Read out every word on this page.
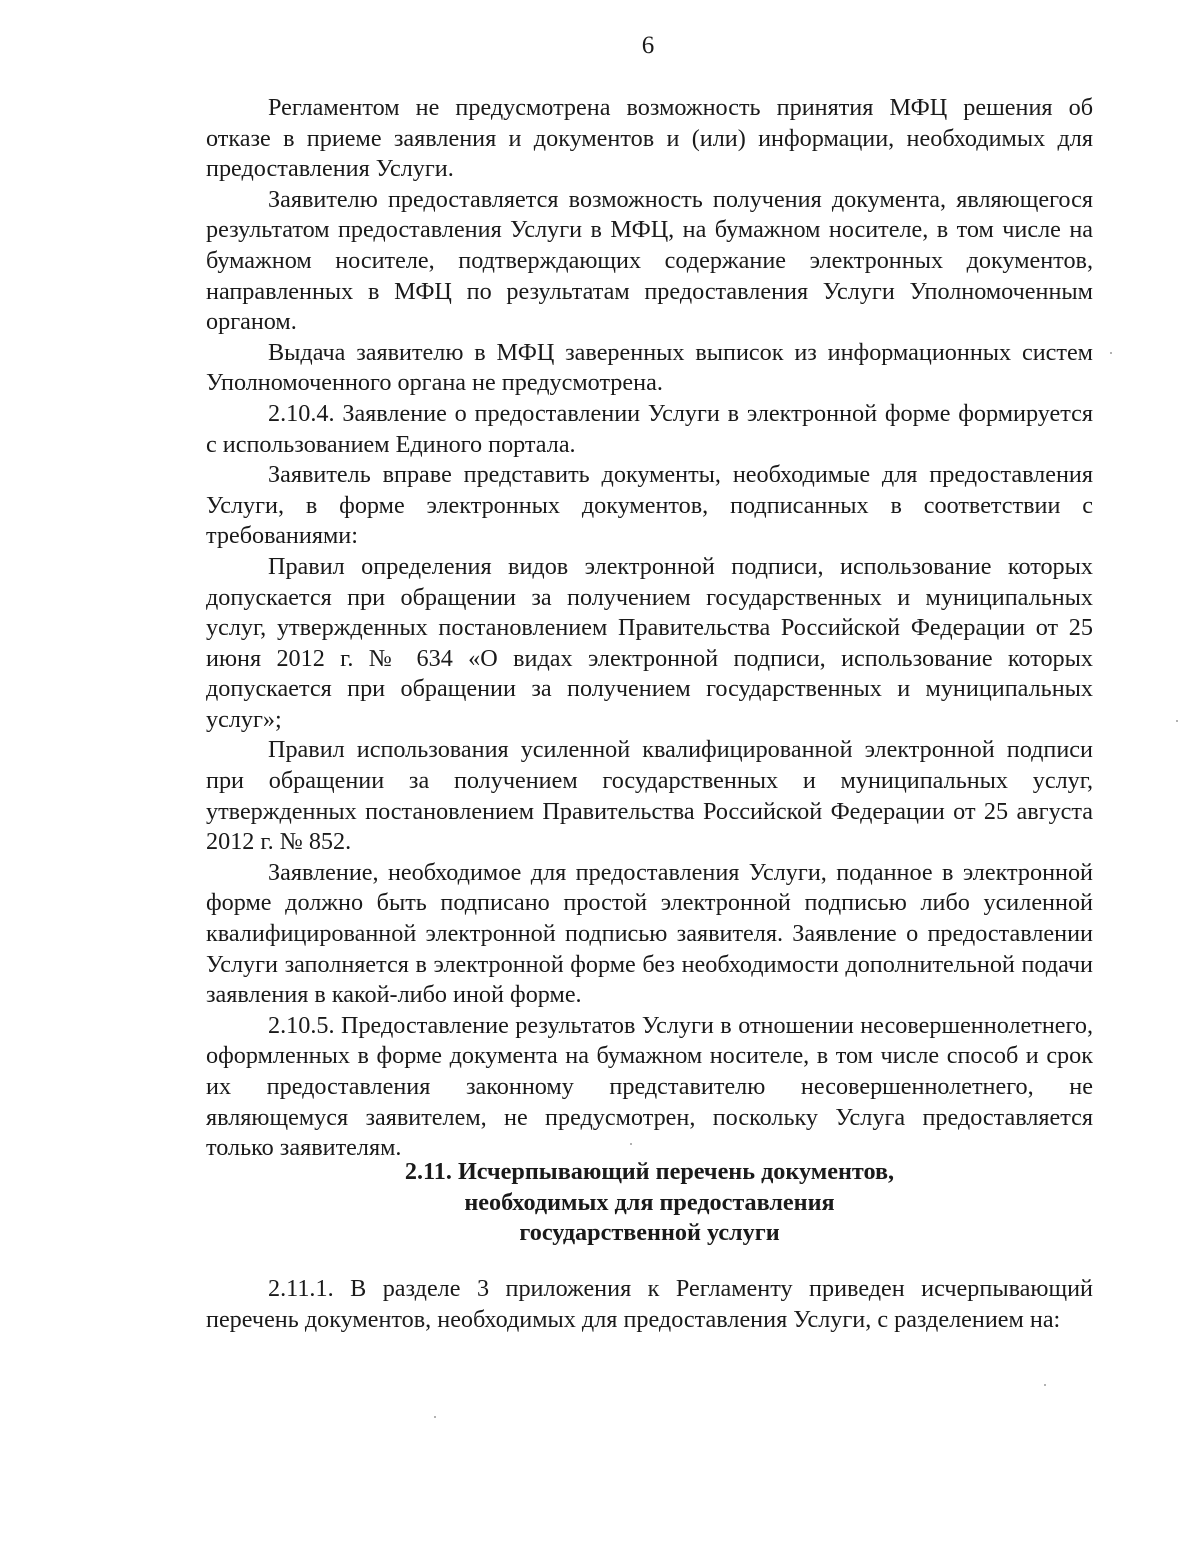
6

Регламентом не предусмотрена возможность принятия МФЦ решения об отказе в приеме заявления и документов и (или) информации, необходимых для предоставления Услуги.

Заявителю предоставляется возможность получения документа, являющегося результатом предоставления Услуги в МФЦ, на бумажном носителе, в том числе на бумажном носителе, подтверждающих содержание электронных документов, направленных в МФЦ по результатам предоставления Услуги Уполномоченным органом.

Выдача заявителю в МФЦ заверенных выписок из информационных систем Уполномоченного органа не предусмотрена.

2.10.4. Заявление о предоставлении Услуги в электронной форме формируется с использованием Единого портала.

Заявитель вправе представить документы, необходимые для предоставления Услуги, в форме электронных документов, подписанных в соответствии с требованиями:

Правил определения видов электронной подписи, использование которых допускается при обращении за получением государственных и муниципальных услуг, утвержденных постановлением Правительства Российской Федерации от 25 июня 2012 г. № 634 «О видах электронной подписи, использование которых допускается при обращении за получением государственных и муниципальных услуг»;

Правил использования усиленной квалифицированной электронной подписи при обращении за получением государственных и муниципальных услуг, утвержденных постановлением Правительства Российской Федерации от 25 августа 2012 г. № 852.

Заявление, необходимое для предоставления Услуги, поданное в электронной форме должно быть подписано простой электронной подписью либо усиленной квалифицированной электронной подписью заявителя. Заявление о предоставлении Услуги заполняется в электронной форме без необходимости дополнительной подачи заявления в какой-либо иной форме.

2.10.5. Предоставление результатов Услуги в отношении несовершеннолетнего, оформленных в форме документа на бумажном носителе, в том числе способ и срок их предоставления законному представителю несовершеннолетнего, не являющемуся заявителем, не предусмотрен, поскольку Услуга предоставляется только заявителям.

2.11. Исчерпывающий перечень документов,
необходимых для предоставления
государственной услуги

2.11.1. В разделе 3 приложения к Регламенту приведен исчерпывающий перечень документов, необходимых для предоставления Услуги, с разделением на:
